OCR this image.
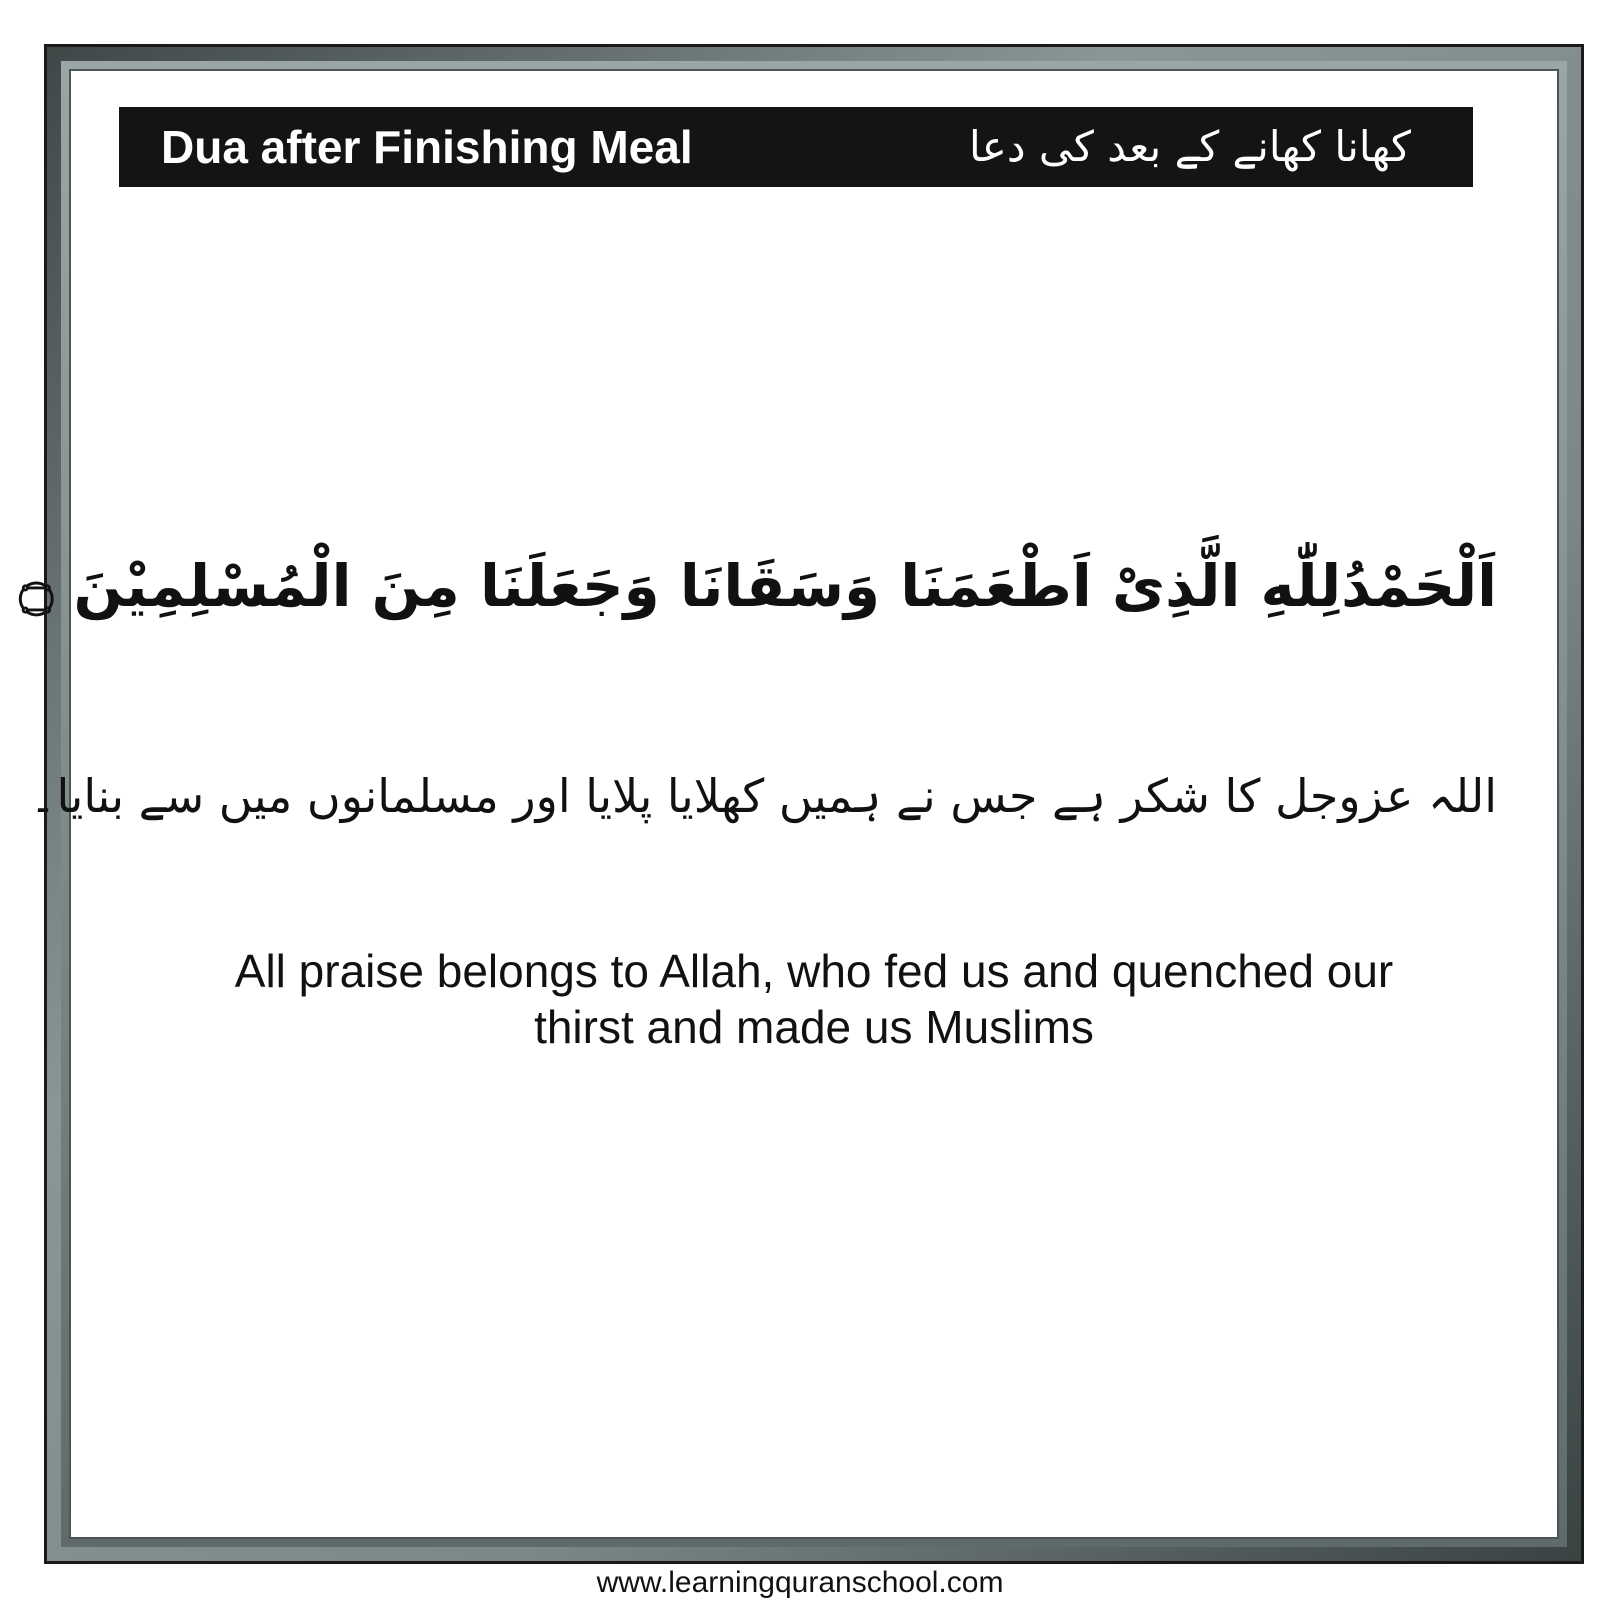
Dua after Finishing Meal	کھانا کھانے کے بعد کی دعا
اَلْحَمْدُلِلّٰهِ الَّذِیْ اَطْعَمَنَا وَسَقَانَا وَجَعَلَنَا مِنَ الْمُسْلِمِیْنَ ۝
اللہ عزوجل کا شکر ہے جس نے ہمیں کھلایا پلایا اور مسلمانوں میں سے بنایا۔
All praise belongs to Allah, who fed us and quenched our
thirst and made us Muslims
www.learningquranschool.com
